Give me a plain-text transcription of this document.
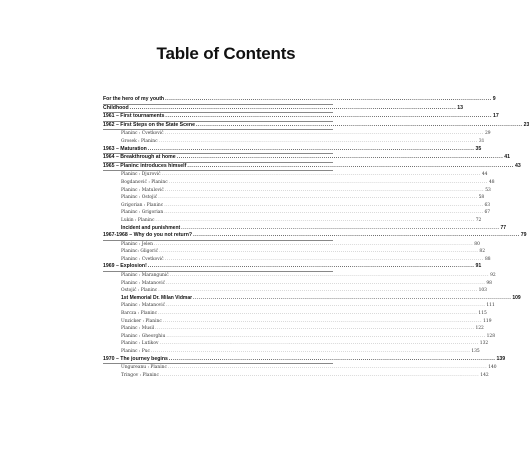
Table of Contents
For the hero of my youth ................................................................................................................................................................ 9
Childhood ................................................................................................................................................................ 13
1961 – First tournaments ................................................................................................................................................................ 17
1962 – First Steps on the State Scene ................................................................................................................................................................ 23
Planinc : Cvetković ................................................................................................................................................................ 29
Grosek : Planinc ................................................................................................................................................................ 31
1963 – Maturation ................................................................................................................................................................ 35
1964 – Breakthrough at home ................................................................................................................................................................ 41
1965 – Planinc introduces himself ................................................................................................................................................................ 43
Planinc : Djurović ................................................................................................................................................................ 44
Bogdanović : Planinc ................................................................................................................................................................ 48
Planinc : Matulović ................................................................................................................................................................ 53
Planinc : Ostojić ................................................................................................................................................................ 58
Grigorian : Planinc ................................................................................................................................................................ 63
Planinc : Grigorian ................................................................................................................................................................ 67
Lukin : Planinc ................................................................................................................................................................ 72
Incident and punishment ................................................................................................................................................................ 77
1967-1968 – Why do you not return? ................................................................................................................................................................ 79
Planinc : Jelen ................................................................................................................................................................ 80
Planinc: Gligorić ................................................................................................................................................................ 82
Planinc : Cvetković ................................................................................................................................................................ 88
1969 – Explosion! ................................................................................................................................................................ 91
Planinc : Marangunić ................................................................................................................................................................ 92
Planinc : Matanović ................................................................................................................................................................ 98
Ostojić : Planinc ................................................................................................................................................................ 103
1st Memorial Dr. Milan Vidmar ................................................................................................................................................................ 109
Planinc : Matanović ................................................................................................................................................................ 111
Barcza : Planinc ................................................................................................................................................................ 115
Unzicker : Planinc ................................................................................................................................................................ 119
Planinc : Musil ................................................................................................................................................................ 122
Planinc : Gheorghiu ................................................................................................................................................................ 128
Planinc : Lutikov ................................................................................................................................................................ 132
Planinc : Puc ................................................................................................................................................................ 135
1970 – The journey begins ................................................................................................................................................................ 139
Ungureanu : Planinc ................................................................................................................................................................ 140
Tringov : Planinc ................................................................................................................................................................ 142
